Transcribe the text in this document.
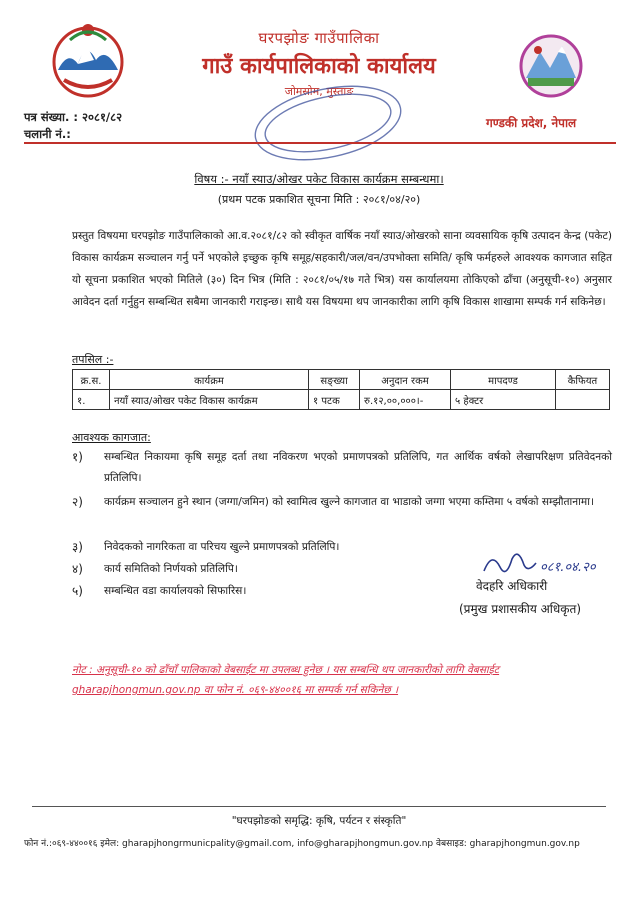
घरपझोङ गाउँपालिका
गाउँ कार्यपालिकाको कार्यालय
जोमसोम, मुस्ताङ
पत्र संख्या. : २०८१/८२
चलानी नं.:
गण्डकी प्रदेश, नेपाल
विषय :- नयाँ स्याउ/ओखर पकेट विकास कार्यक्रम सम्बन्धमा।
(प्रथम पटक प्रकाशित सूचना मिति : २०८१/०४/२०)
प्रस्तुत विषयमा घरपझोङ गाउँपालिकाको आ.व.२०८१/८२ को स्वीकृत वार्षिक नयाँ स्याउ/ओखरको साना व्यवसायिक कृषि उत्पादन केन्द्र (पकेट) विकास कार्यक्रम सञ्चालन गर्नु पर्ने भएकोले इच्छुक कृषि समूह/सहकारी/जल/वन/उपभोक्ता समिति/ कृषि फर्महरुले आवश्यक कागजात सहित यो सूचना प्रकाशित भएको मितिले (३०) दिन भित्र (मिति : २०८१/०५/१७ गते भित्र) यस कार्यालयमा तोकिएको ढाँचा (अनुसूची-१०) अनुसार आवेदन दर्ता गर्नुहुन सम्बन्धित सबैमा जानकारी गराइन्छ। साथै यस विषयमा थप जानकारीका लागि कृषि विकास शाखामा सम्पर्क गर्न सकिनेछ।
तपसिल :-
क्र.स.	कार्यक्रम	सङ्ख्या	अनुदान रकम	मापदण्ड	कैफियत
१.	नयाँ स्याउ/ओखर पकेट विकास कार्यक्रम	१ पटक	रु.१२,००,०००।-	५ हेक्टर	
आवश्यक कागजात:
१)	सम्बन्धित निकायमा कृषि समूह दर्ता तथा नविकरण भएको प्रमाणपत्रको प्रतिलिपि, गत आर्थिक वर्षको लेखापरिक्षण प्रतिवेदनको प्रतिलिपि।
२)	कार्यक्रम सञ्चालन हुने स्थान (जग्गा/जमिन) को स्वामित्व खुल्ने कागजात वा भाडाको जग्गा भएमा कम्तिमा ५ वर्षको सम्झौतानामा।
३)	निवेदकको नागरिकता वा परिचय खुल्ने प्रमाणपत्रको प्रतिलिपि।
४)	कार्य समितिको निर्णयको प्रतिलिपि।
५)	सम्बन्धित वडा कार्यालयको सिफारिस।
०८१.०४.२०
वेदहरि अधिकारी
(प्रमुख प्रशासकीय अधिकृत)
नोट : अनुसूची-१० को ढाँचाँ पालिकाको वेबसाईट मा उपलब्ध हुनेछ । यस सम्बन्धि थप जानकारीको लागि वेबसाईट gharapjhongmun.gov.np वा फोन नं. ०६९-४४००१६ मा सम्पर्क गर्न सकिनेछ ।
"घरपझोङको समृद्धि: कृषि, पर्यटन र संस्कृति"
फोन नं.:०६९-४४००१६ इमेल: gharapjhongrmunicpality@gmail.com, info@gharapjhongmun.gov.np वेबसाइड: gharapjhongmun.gov.np
